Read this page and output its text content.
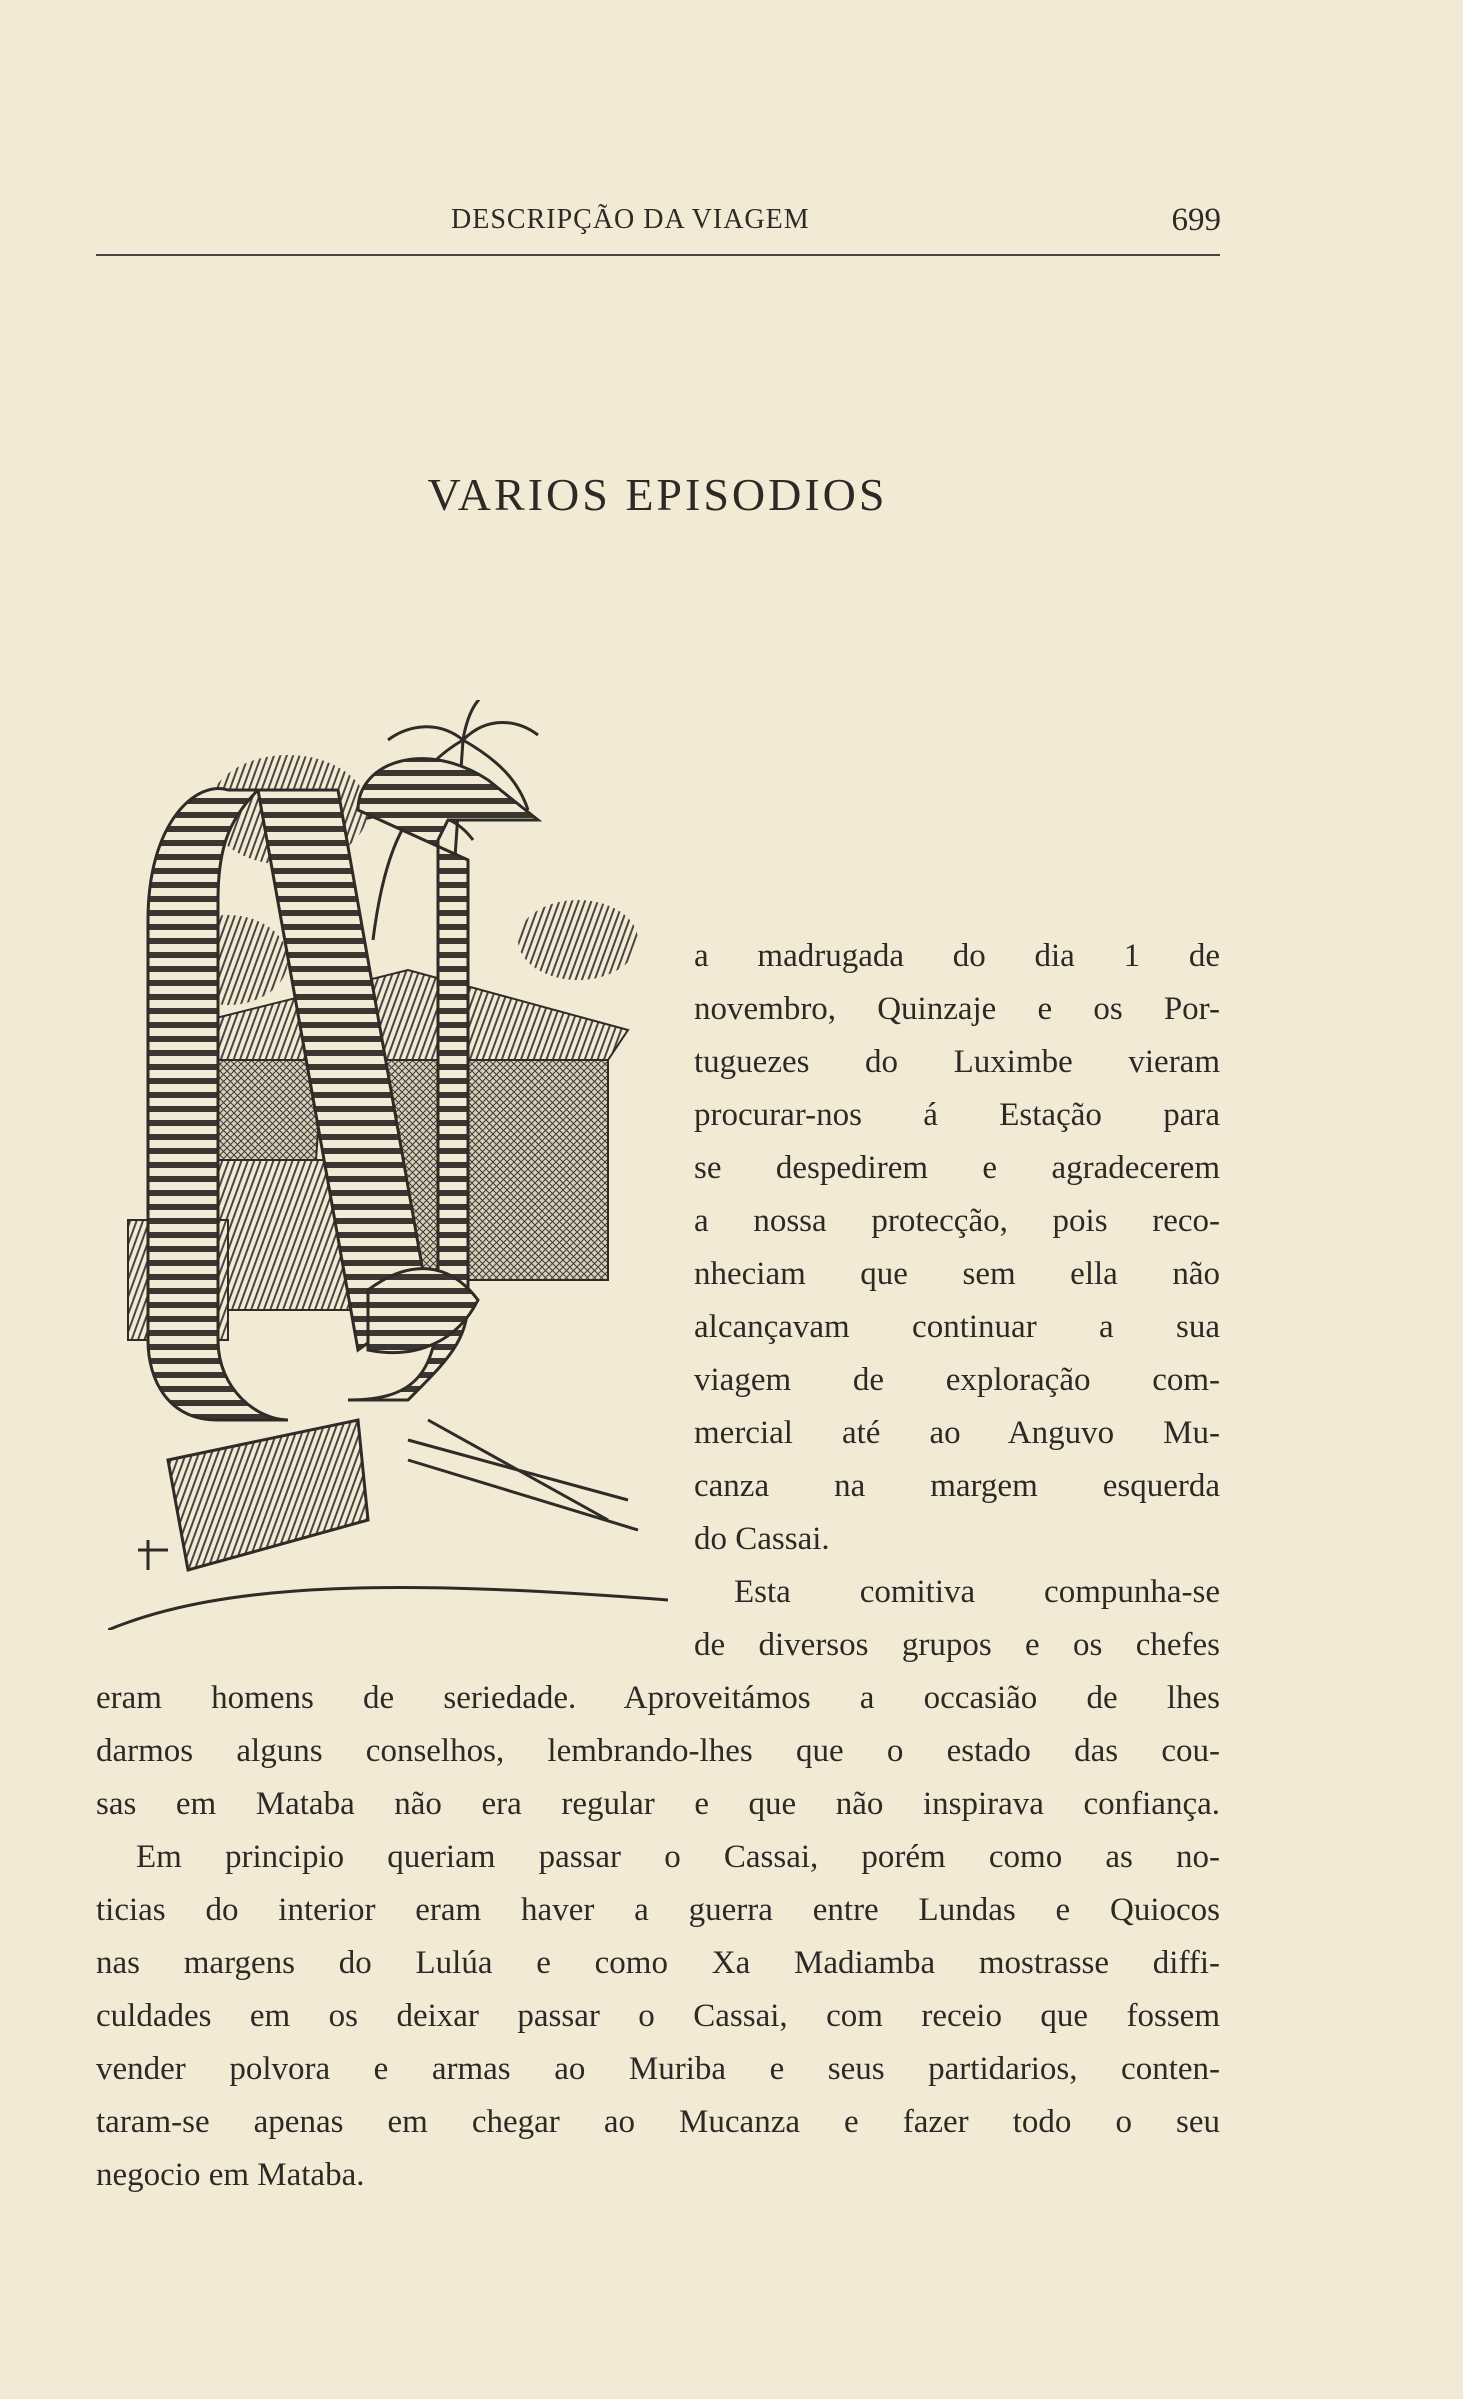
DESCRIPÇÃO DA VIAGEM	699
VARIOS EPISODIOS
a madrugada do dia 1 de
novembro, Quinzaje e os Por-
tuguezes do Luximbe vieram
procurar-nos á Estação para
se despedirem e agradecerem
a nossa protecção, pois reco-
nheciam que sem ella não
alcançavam continuar a sua
viagem de exploração com-
mercial até ao Anguvo Mu-
canza na margem esquerda
do Cassai.
Esta comitiva compunha-se
de diversos grupos e os chefes
eram homens de seriedade. Aproveitámos a occasião de lhes
darmos alguns conselhos, lembrando-lhes que o estado das cou-
sas em Mataba não era regular e que não inspirava confiança.
Em principio queriam passar o Cassai, porém como as no-
ticias do interior eram haver a guerra entre Lundas e Quiocos
nas margens do Lulúa e como Xa Madiamba mostrasse diffi-
culdades em os deixar passar o Cassai, com receio que fossem
vender polvora e armas ao Muriba e seus partidarios, conten-
taram-se apenas em chegar ao Mucanza e fazer todo o seu
negocio em Mataba.
